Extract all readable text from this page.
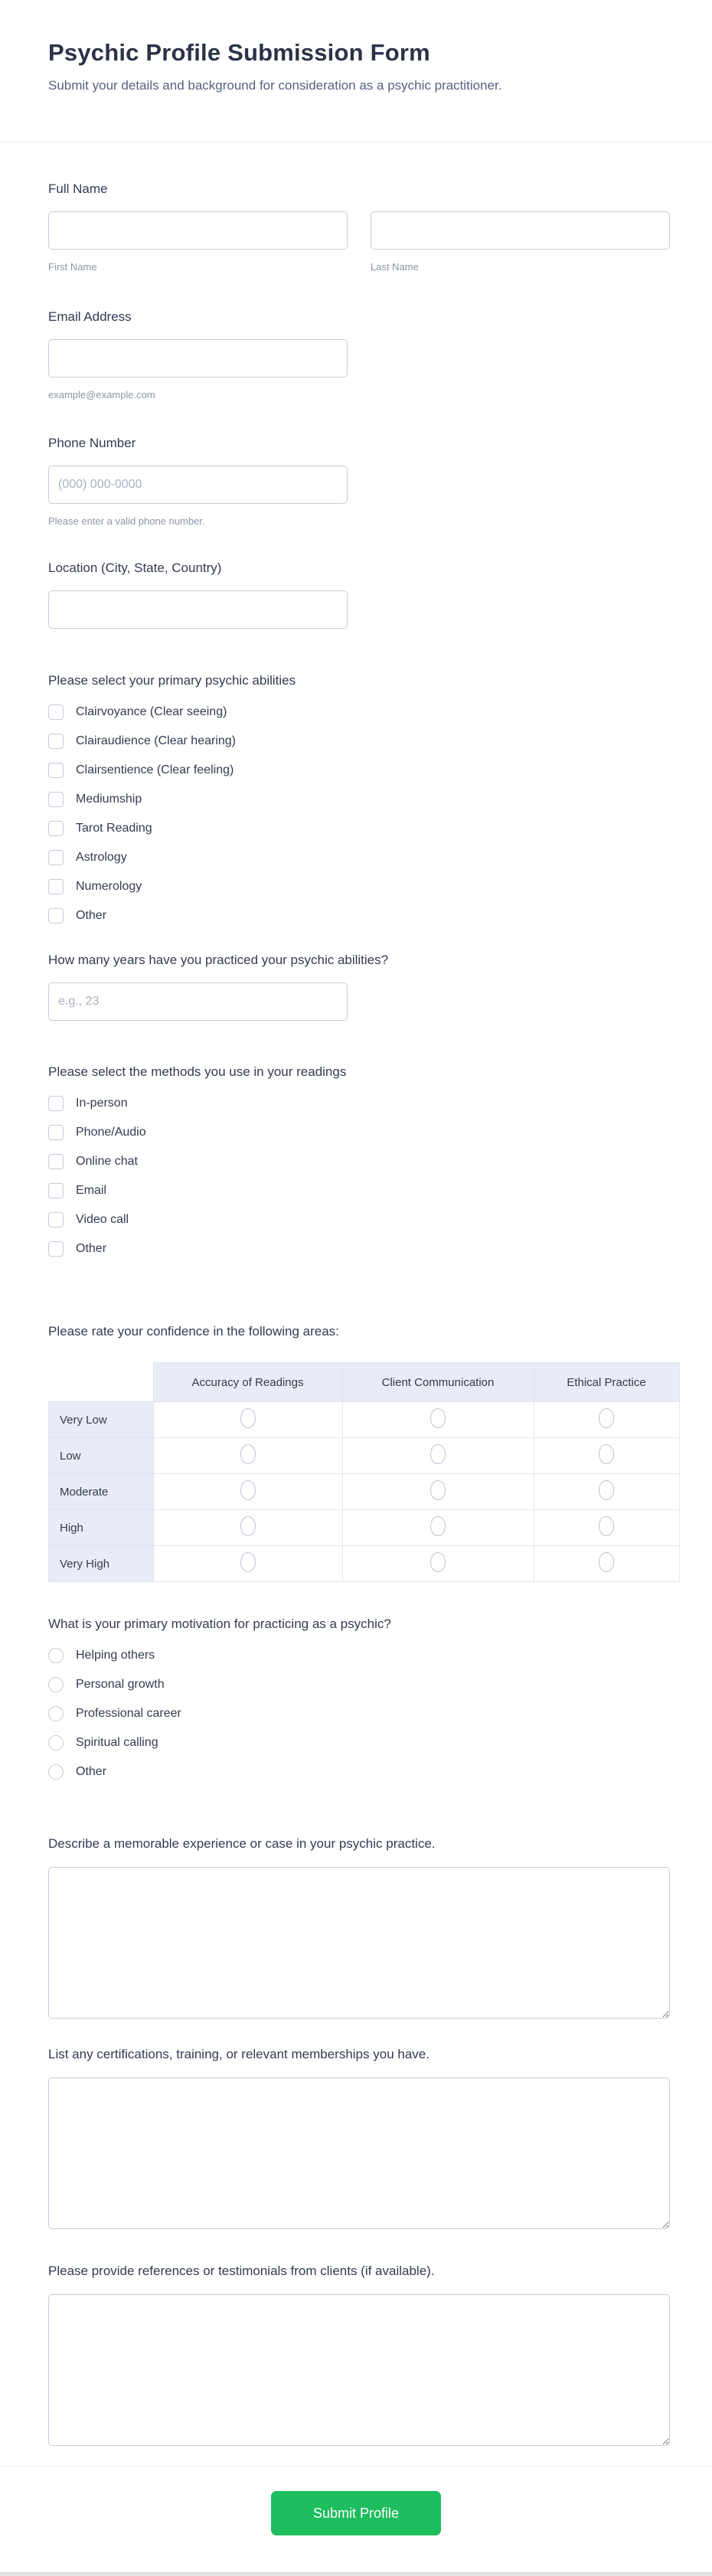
Psychic Profile Submission Form
Submit your details and background for consideration as a psychic practitioner.
Full Name
First Name	Last Name
Email Address
example@example.com
Phone Number
(000) 000-0000
Please enter a valid phone number.
Location (City, State, Country)
Please select your primary psychic abilities
Clairvoyance (Clear seeing)
Clairaudience (Clear hearing)
Clairsentience (Clear feeling)
Mediumship
Tarot Reading
Astrology
Numerology
Other
How many years have you practiced your psychic abilities?
e.g., 23
Please select the methods you use in your readings
In-person
Phone/Audio
Online chat
Email
Video call
Other
Please rate your confidence in the following areas:
	Accuracy of Readings	Client Communication	Ethical Practice
Very Low			
Low			
Moderate			
High			
Very High			
What is your primary motivation for practicing as a psychic?
Helping others
Personal growth
Professional career
Spiritual calling
Other
Describe a memorable experience or case in your psychic practice.
List any certifications, training, or relevant memberships you have.
Please provide references or testimonials from clients (if available).
Submit Profile
